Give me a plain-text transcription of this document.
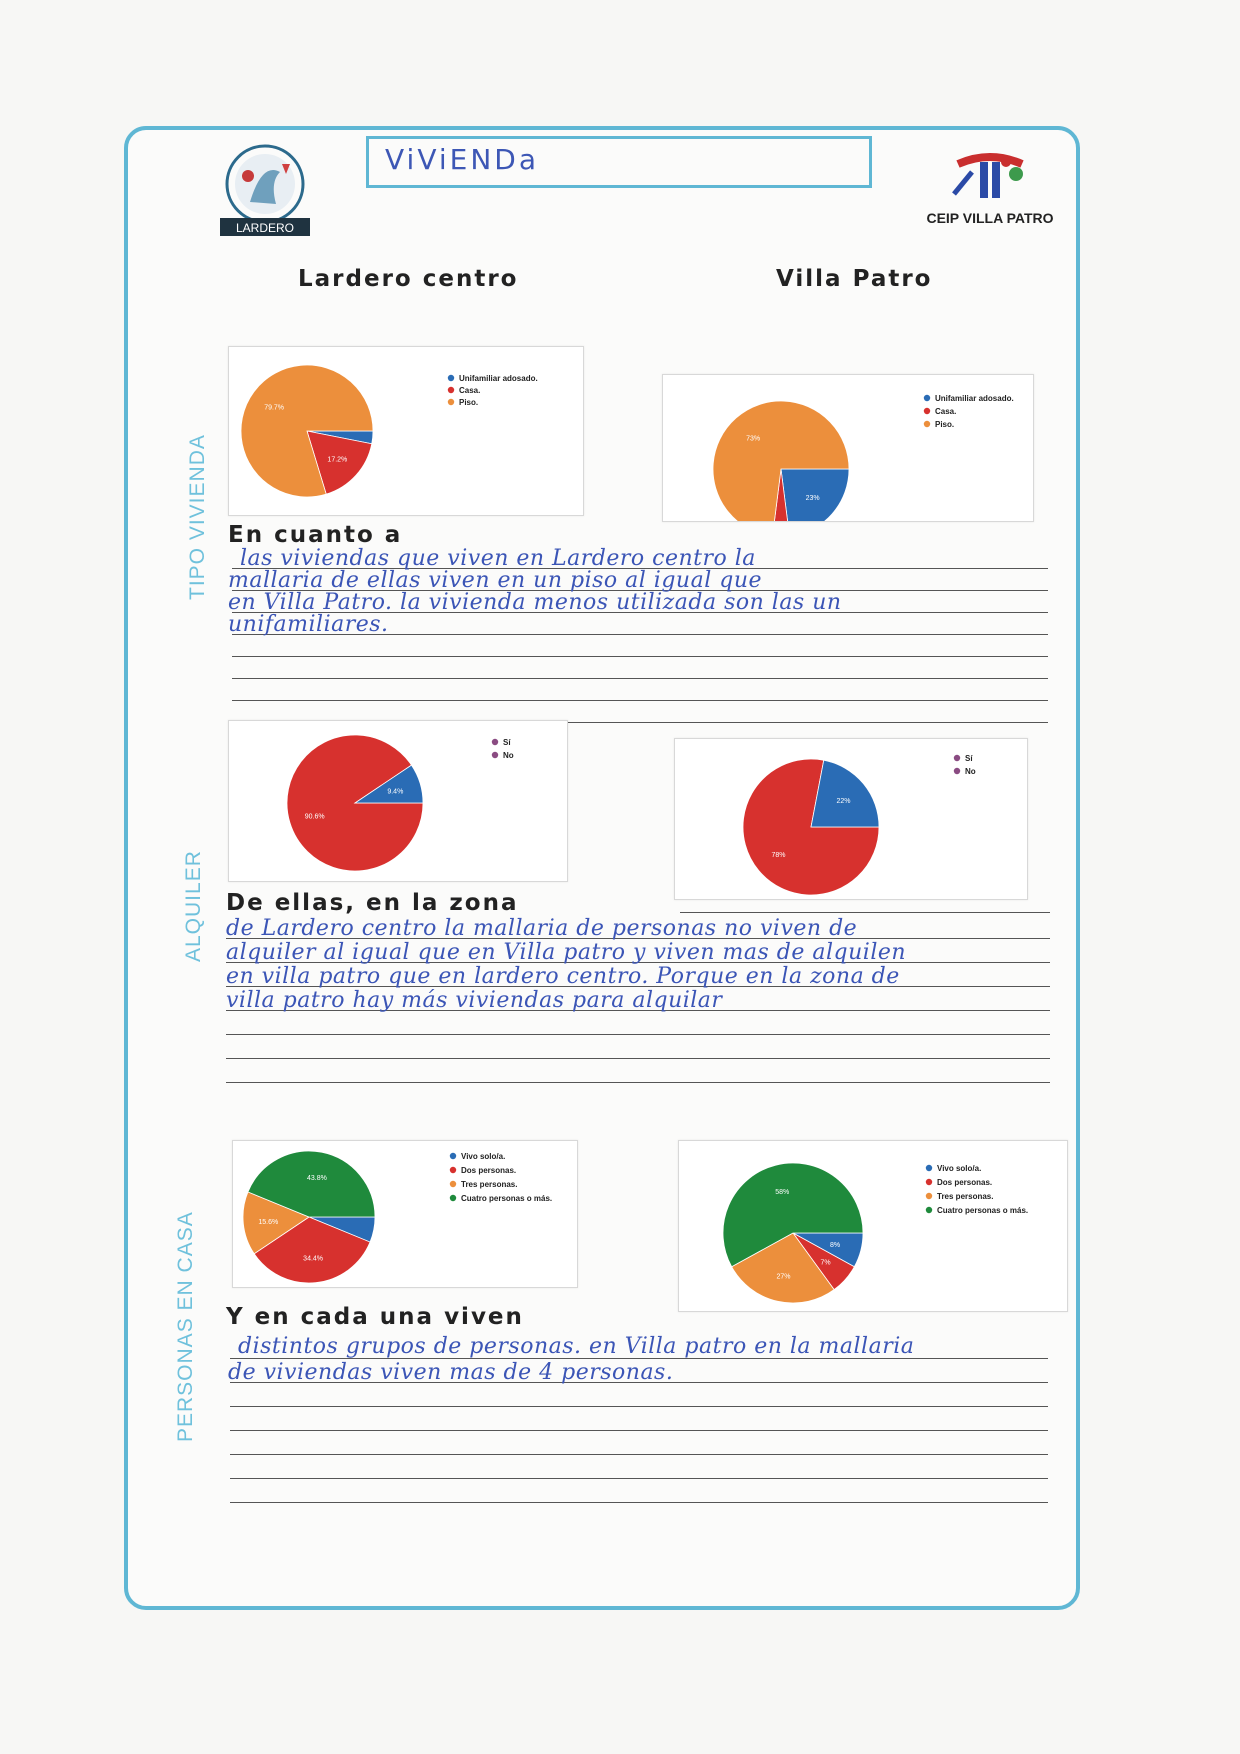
LARDERO
ViViENDa
CEIP VILLA PATRO
Lardero centro	Villa Patro
TIPO VIVIENDA
ALQUILER
PERSONAS EN CASA
17.2%
79.7%
Unifamiliar adosado.
Casa.
Piso.
23%
73%
Unifamiliar adosado.
Casa.
Piso.
En cuanto a
las viviendas que viven en Lardero centro la
mallaria de ellas viven en un piso al igual que
en Villa Patro. la vivienda menos utilizada son las un
unifamiliares.
90.6%
9.4%
Sí
No
78%
22%
Sí
No
De ellas, en la zona
de Lardero centro la mallaria de personas no viven de
alquiler al igual que en Villa patro y viven mas de alquilen
en villa patro que en lardero centro. Porque en la zona de
villa patro hay más viviendas para alquilar
34.4%
15.6%
43.8%
Vivo solo/a.
Dos personas.
Tres personas.
Cuatro personas o más.
8%
7%
27%
58%
Vivo solo/a.
Dos personas.
Tres personas.
Cuatro personas o más.
Y en cada una viven
distintos grupos de personas. en Villa patro en la mallaria
de viviendas viven mas de 4 personas.
